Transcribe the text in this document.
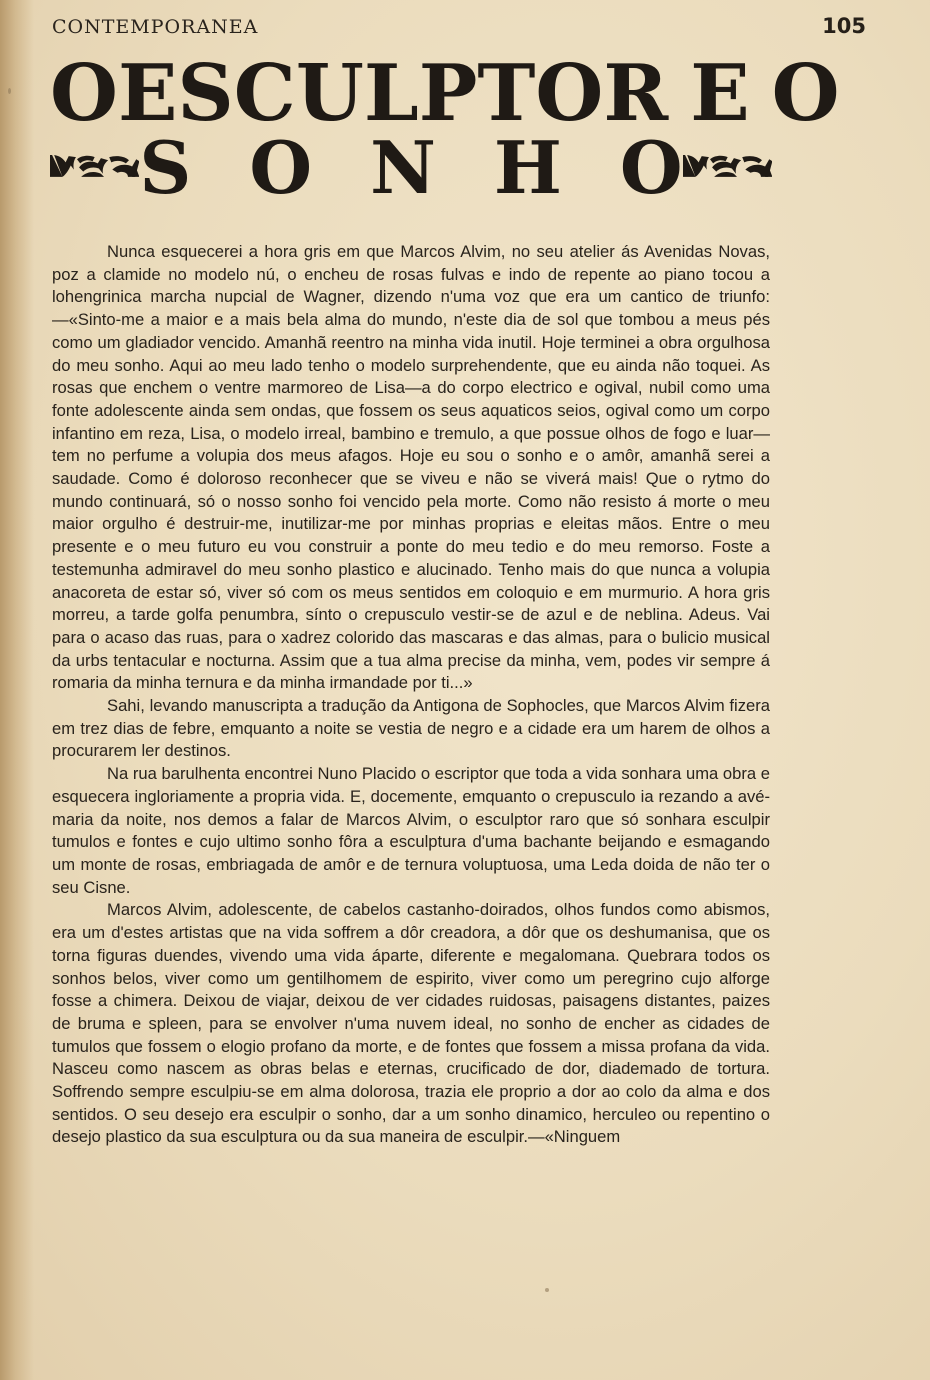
CONTEMPORANEA	105
O E S C U L P T O R E O
S O N H O

Nunca esquecerei a hora gris em que Marcos Alvim, no seu atelier ás Avenidas Novas, poz a clamide no modelo nú, o encheu de rosas fulvas e indo de repente ao piano tocou a lohengrinica marcha nupcial de Wagner, dizendo n'uma voz que era um cantico de triunfo: —«Sinto-me a maior e a mais bela alma do mundo, n'este dia de sol que tombou a meus pés como um gladiador vencido. Amanhã reentro na minha vida inutil. Hoje terminei a obra orgulhosa do meu sonho. Aqui ao meu lado tenho o modelo surprehendente, que eu ainda não toquei. As rosas que enchem o ventre marmoreo de Lisa—a do corpo electrico e ogival, nubil como uma fonte adolescente ainda sem ondas, que fossem os seus aquaticos seios, ogival como um corpo infantino em reza, Lisa, o modelo irreal, bambino e tremulo, a que possue olhos de fogo e luar—tem no perfume a volupia dos meus afagos. Hoje eu sou o sonho e o amôr, amanhã serei a saudade. Como é doloroso reconhecer que se viveu e não se viverá mais! Que o rytmo do mundo continuará, só o nosso sonho foi vencido pela morte. Como não resisto á morte o meu maior orgulho é destruir-me, inutilizar-me por minhas proprias e eleitas mãos. Entre o meu presente e o meu futuro eu vou construir a ponte do meu tedio e do meu remorso. Foste a testemunha admiravel do meu sonho plastico e alucinado. Tenho mais do que nunca a volupia anacoreta de estar só, viver só com os meus sentidos em coloquio e em murmurio. A hora gris morreu, a tarde golfa penumbra, sínto o crepusculo vestir-se de azul e de neblina. Adeus. Vai para o acaso das ruas, para o xadrez colorido das mascaras e das almas, para o bulicio musical da urbs tentacular e nocturna. Assim que a tua alma precise da minha, vem, podes vir sempre á romaria da minha ternura e da minha irmandade por ti...»

Sahi, levando manuscripta a tradução da Antigona de Sophocles, que Marcos Alvim fizera em trez dias de febre, emquanto a noite se vestia de negro e a cidade era um harem de olhos a procurarem ler destinos.

Na rua barulhenta encontrei Nuno Placido o escriptor que toda a vida sonhara uma obra e esquecera ingloriamente a propria vida. E, docemente, emquanto o crepusculo ia rezando a avé-maria da noite, nos demos a falar de Marcos Alvim, o esculptor raro que só sonhara esculpir tumulos e fontes e cujo ultimo sonho fôra a esculptura d'uma bachante beijando e esmagando um monte de rosas, embriagada de amôr e de ternura voluptuosa, uma Leda doida de não ter o seu Cisne.

Marcos Alvim, adolescente, de cabelos castanho-doirados, olhos fundos como abismos, era um d'estes artistas que na vida soffrem a dôr creadora, a dôr que os deshumanisa, que os torna figuras duendes, vivendo uma vida áparte, diferente e megalomana. Quebrara todos os sonhos belos, viver como um gentilhomem de espirito, viver como um peregrino cujo alforge fosse a chimera. Deixou de viajar, deixou de ver cidades ruidosas, paisagens distantes, paizes de bruma e spleen, para se envolver n'uma nuvem ideal, no sonho de encher as cidades de tumulos que fossem o elogio profano da morte, e de fontes que fossem a missa profana da vida. Nasceu como nascem as obras belas e eternas, crucificado de dor, diademado de tortura. Soffrendo sempre esculpiu-se em alma dolorosa, trazia ele proprio a dor ao colo da alma e dos sentidos. O seu desejo era esculpir o sonho, dar a um sonho dinamico, herculeo ou repentino o desejo plastico da sua esculptura ou da sua maneira de esculpir.—«Ninguem
